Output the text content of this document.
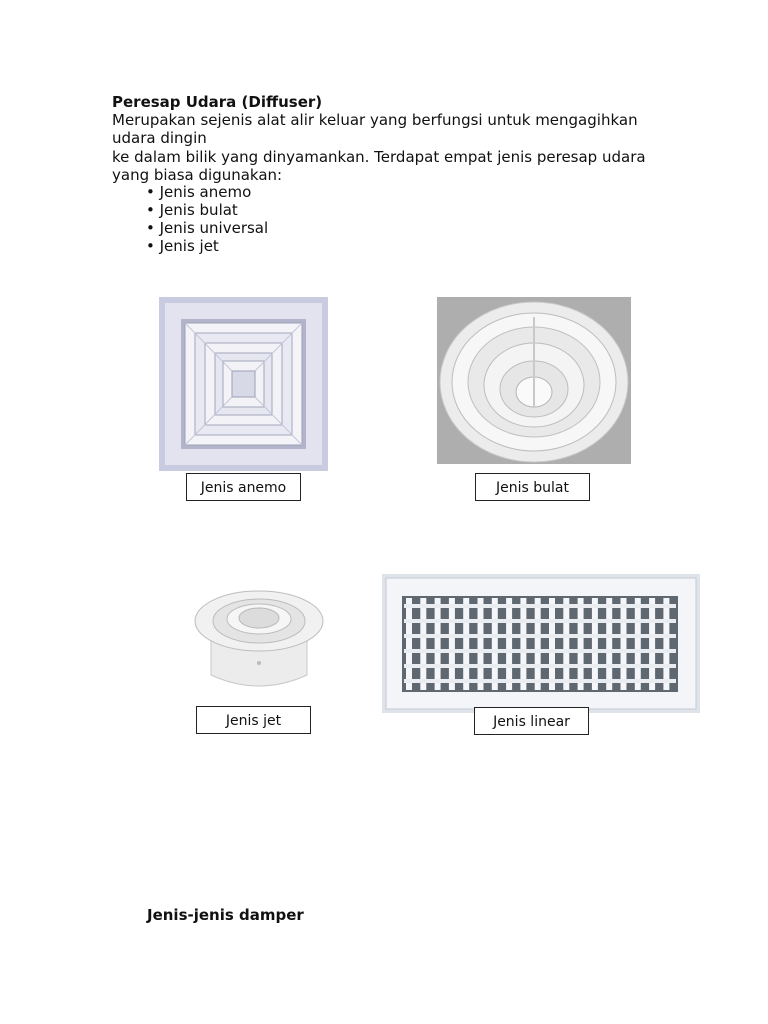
Peresap Udara (Diffuser)
Merupakan sejenis alat alir keluar yang berfungsi untuk mengagihkan udara dingin
ke dalam bilik yang dinyamankan. Terdapat empat jenis peresap udara yang biasa digunakan:
• Jenis anemo
• Jenis bulat
• Jenis universal
• Jenis jet
Jenis anemo	Jenis bulat
Jenis jet	Jenis linear
Jenis-jenis damper
